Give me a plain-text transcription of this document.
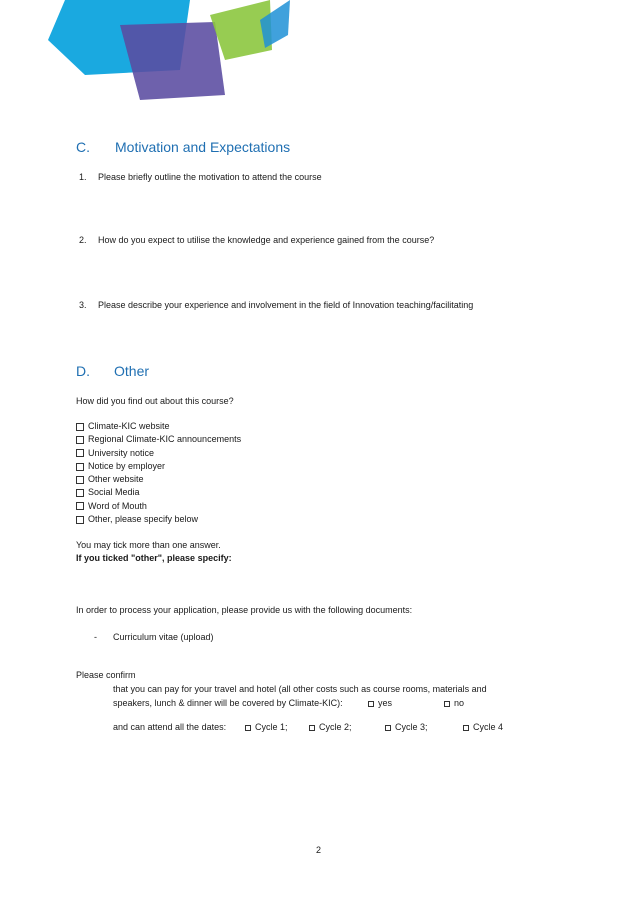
C. Motivation and Expectations
1. Please briefly outline the motivation to attend the course
2. How do you expect to utilise the knowledge and experience gained from the course?
3. Please describe your experience and involvement in the field of Innovation teaching/facilitating
D. Other
How did you find out about this course?
Climate-KIC website
Regional Climate-KIC announcements
University notice
Notice by employer
Other website
Social Media
Word of Mouth
Other, please specify below
You may tick more than one answer.
If you ticked "other", please specify:
In order to process your application, please provide us with the following documents:
- Curriculum vitae (upload)
Please confirm
that you can pay for your travel and hotel (all other costs such as course rooms, materials and
speakers, lunch & dinner will be covered by Climate-KIC):	yes	no
and can attend all the dates:	Cycle 1;	Cycle 2;	Cycle 3;	Cycle 4
2
